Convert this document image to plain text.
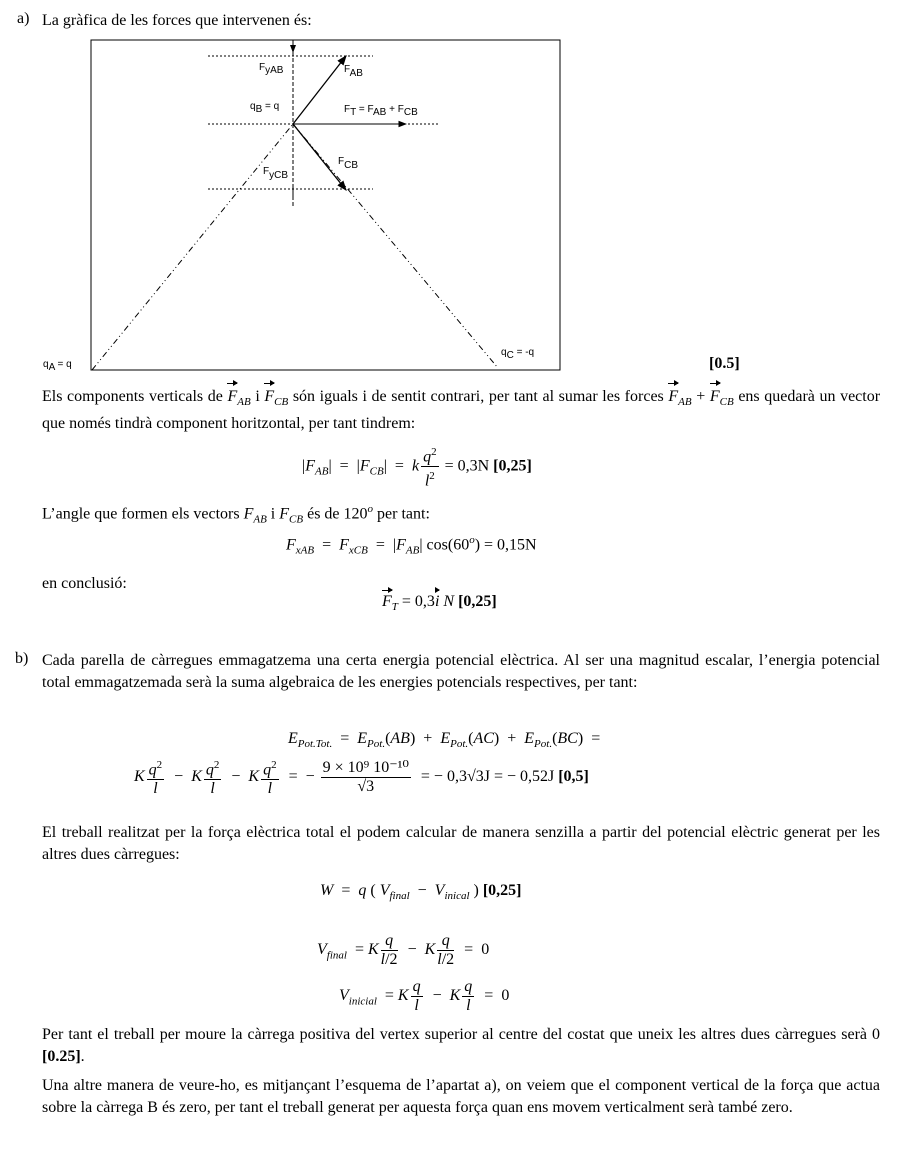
a) La gràfica de les forces que intervenen és:
FyAB	FAB
qB = q	FT = FAB + FCB
FCB
FyCB
qA = q
qC = -q
[0.5]
Els components verticals de $F_{AB}$ i $F_{CB}$ són iguals i de sentit contrari, per tant al sumar les forces $F_{AB} + F_{CB}$ ens quedarà un vector que només tindrà component horitzontal, per tant tindrem:
$|F_{AB}| = |F_{CB}| = k \frac{q^2}{l^2} = 0,3N$ [0,25]
L’angle que formen els vectors $F_{AB}$ i $F_{CB}$ és de 120$^o$ per tant:
$F_{xAB} = F_{xCB} = |F_{AB}|$ $\cos(60^o) = 0,15N$
en conclusió:
$F_T = 0,3i$ N [0,25]
b) Cada parella de càrregues emmagatzema una certa energia potencial elèctrica. Al ser una magnitud escalar, l’energia potencial total emmagatzemada serà la suma algebraica de les energies potencials respectives, per tant:
$E_{Pot.Tot.} = E_{Pot.}(AB) + E_{Pot.}(AC) + E_{Pot.}(BC)$  =
K $\frac{q^2}{l} - K \frac{q^2}{l} - K \frac{q^2}{l}$ =  − $\frac{\text{9 × 10⁹ 10⁻¹⁰}}{√3}$ = − 0,3√3J = − 0,52J [0,5]
El treball realitzat per la força elèctrica total el podem calcular de manera senzilla a partir del potencial elèctric generat per les altres dues càrregues:
W  =  q ( $V_{final} - V_{inical}$ ) [0,25]
$V_{final} = K \frac{q}{l/2} - K \frac{q}{l/2} = 0$
$V_{inicial} = K \frac{q}{l} - K \frac{q}{l} = 0$
Per tant el treball per moure la càrrega positiva del vertex superior al centre del costat que uneix les altres dues càrregues serà 0 [0.25].
Una altre manera de veure-ho, es mitjançant l’esquema de l’apartat a), on veiem que el component vertical de la força que actua sobre la càrrega B és zero, per tant el treball generat per aquesta força quan ens movem verticalment serà també zero.
